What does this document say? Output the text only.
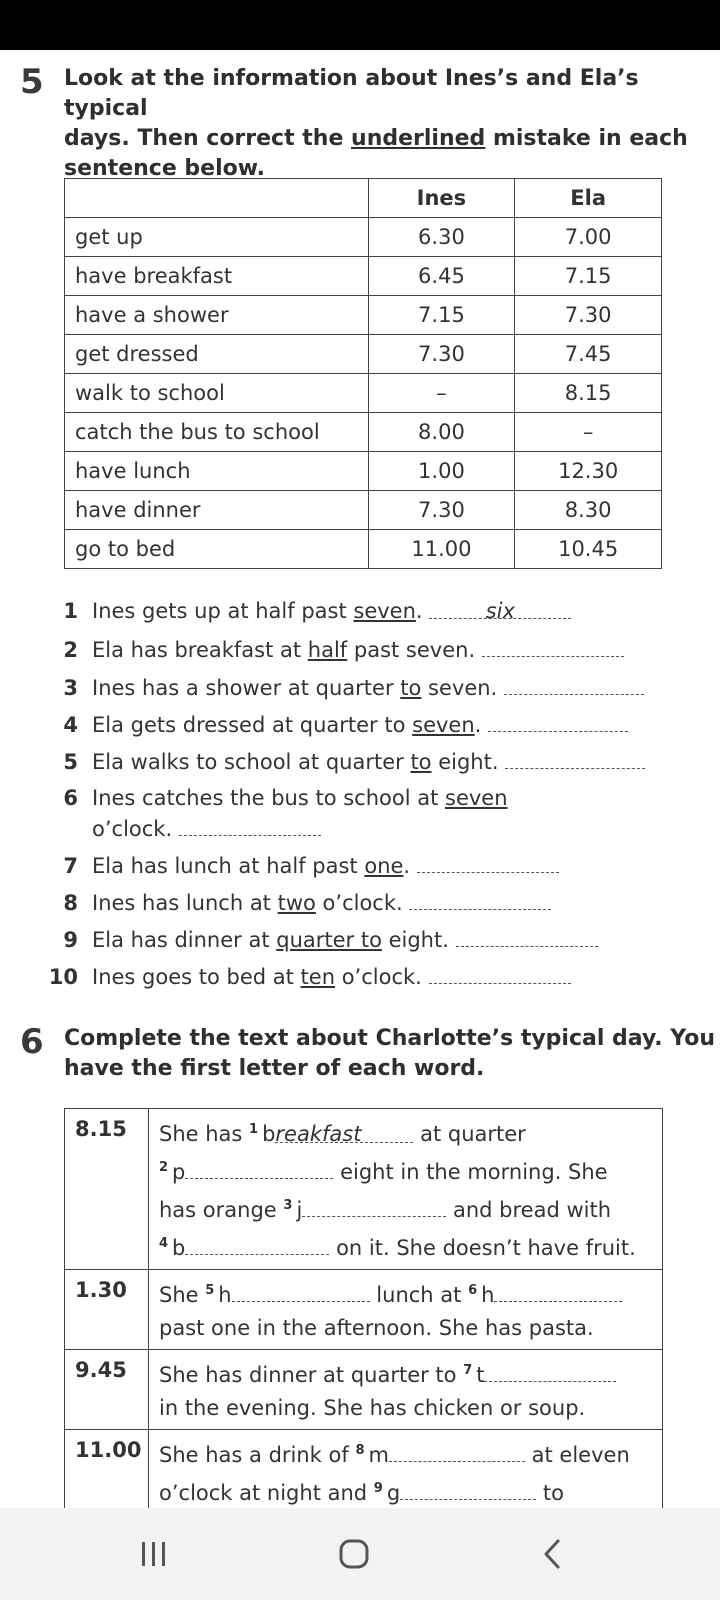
5 Look at the information about Ines’s and Ela’s typical
days. Then correct the underlined mistake in each
sentence below.
	Ines	Ela
get up	6.30	7.00
have breakfast	6.45	7.15
have a shower	7.15	7.30
get dressed	7.30	7.45
walk to school	–	8.15
catch the bus to school	8.00	–
have lunch	1.00	12.30
have dinner	7.30	8.30
go to bed	11.00	10.45
1 Ines gets up at half past seven.	six
2 Ela has breakfast at half past seven.
3 Ines has a shower at quarter to seven.
4 Ela gets dressed at quarter to seven.
5 Ela walks to school at quarter to eight.
6 Ines catches the bus to school at seven
o’clock.
7 Ela has lunch at half past one.
8 Ines has lunch at two o’clock.
9 Ela has dinner at quarter to eight.
10 Ines goes to bed at ten o’clock.
6 Complete the text about Charlotte’s typical day. You
have the first letter of each word.
8.15	She has $^1$ breakfast at quarter
$^2$ p eight in the morning. She
has orange $^3$ j and bread with
$^4$ b on it. She doesn’t have fruit.

1.30	She $^5$ h lunch at $^6$ h
past one in the afternoon. She has pasta.

9.45	She has dinner at quarter to $^7$ t
in the evening. She has chicken or soup.

11.00	She has a drink of $^8$ m at eleven
o’clock at night and $^9$ g to
